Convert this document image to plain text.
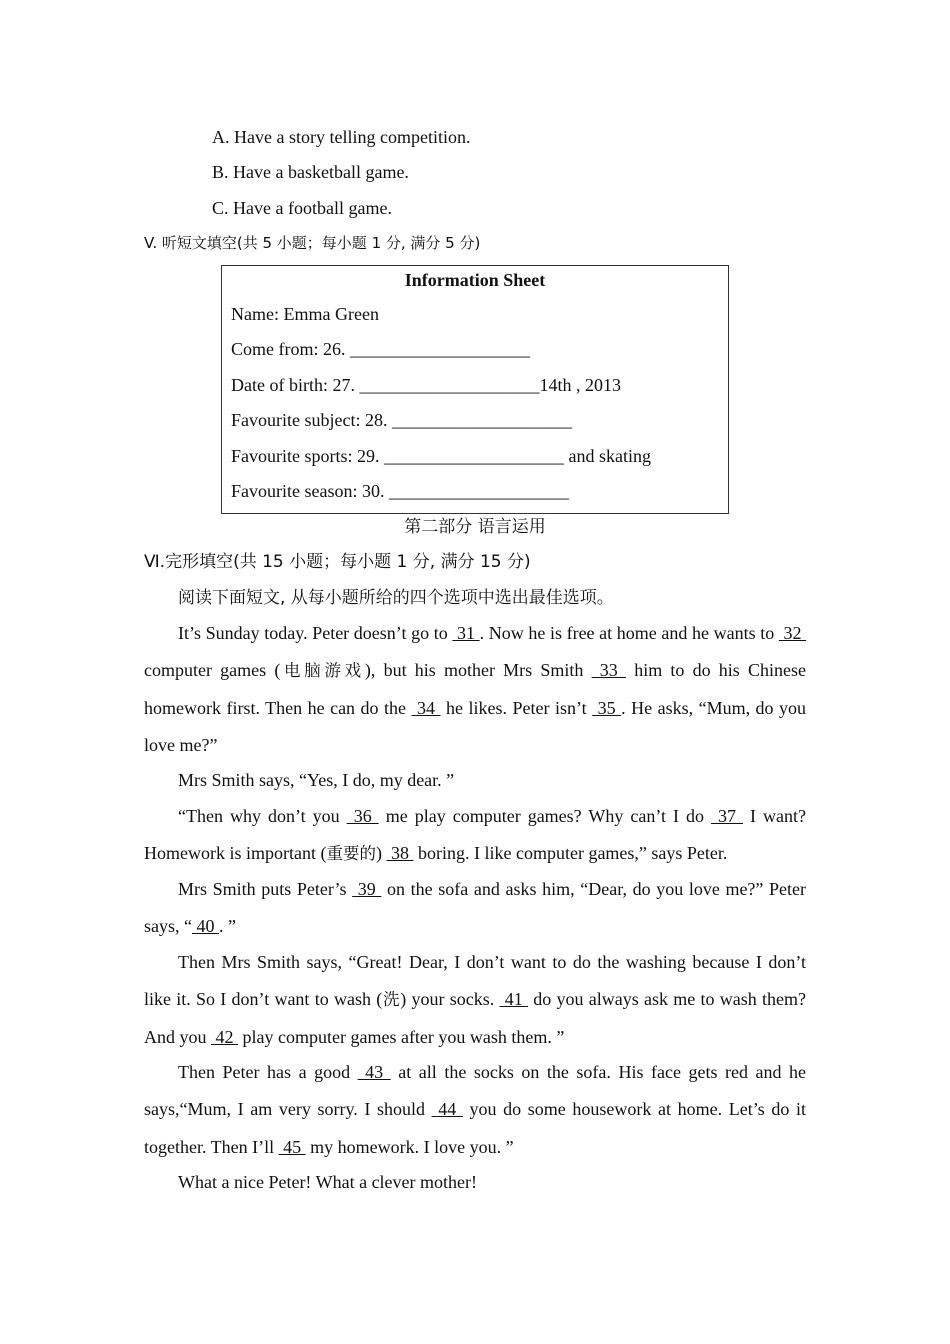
A. Have a story telling competition.
B. Have a basketball game.
C. Have a football game.
V. 听短文填空(共 5 小题；每小题 1 分, 满分 5 分)
Information Sheet
Name: Emma Green
Come from: 26. ____________________
Date of birth: 27. ____________________14th , 2013
Favourite subject: 28. ____________________
Favourite sports: 29. ____________________ and skating
Favourite season: 30. ____________________
第二部分 语言运用
Ⅵ.完形填空(共 15 小题；每小题 1 分, 满分 15 分)
阅读下面短文, 从每小题所给的四个选项中选出最佳选项。
It’s Sunday today. Peter doesn’t go to  31 . Now he is free at home and he wants to  32  computer games (电脑游戏), but his mother Mrs Smith  33  him to do his Chinese homework first. Then he can do the  34  he likes. Peter isn’t  35 . He asks, “Mum, do you love me?”
Mrs Smith says, “Yes, I do, my dear. ”
“Then why don’t you  36  me play computer games? Why can’t I do  37  I want? Homework is important (重要的)  38  boring. I like computer games,” says Peter.
Mrs Smith puts Peter’s  39  on the sofa and asks him, “Dear, do you love me?” Peter says, “ 40 . ”
Then Mrs Smith says, “Great! Dear, I don’t want to do the washing because I don’t like it. So I don’t want to wash (洗) your socks.  41  do you always ask me to wash them? And you  42  play computer games after you wash them. ”
Then Peter has a good  43  at all the socks on the sofa. His face gets red and he says,“Mum, I am very sorry. I should  44  you do some housework at home. Let’s do it together. Then I’ll  45  my homework. I love you. ”
What a nice Peter! What a clever mother!
